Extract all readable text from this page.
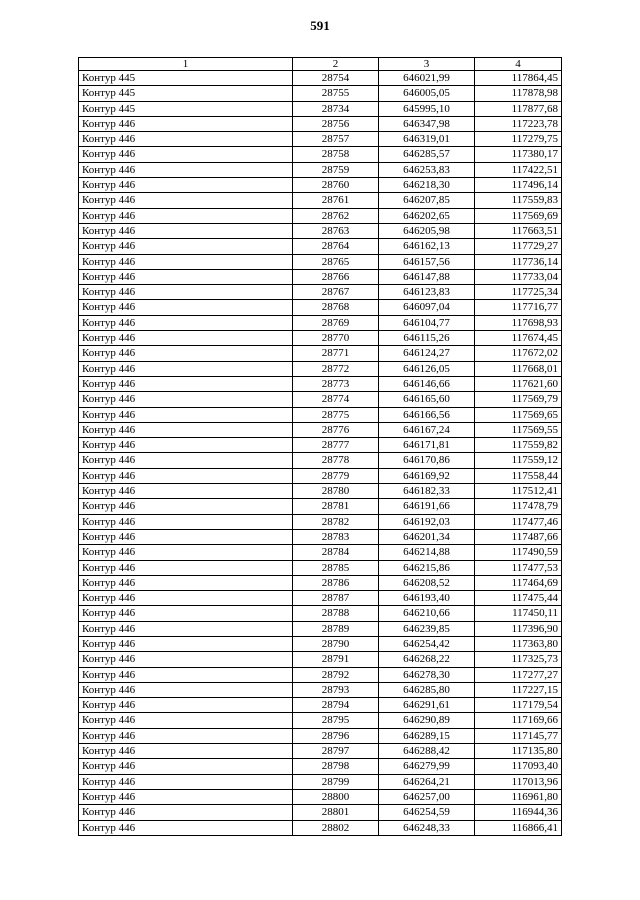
591
1	2	3	4
Контур 445	28754	646021,99	117864,45
Контур 445	28755	646005,05	117878,98
Контур 445	28734	645995,10	117877,68
Контур 446	28756	646347,98	117223,78
Контур 446	28757	646319,01	117279,75
Контур 446	28758	646285,57	117380,17
Контур 446	28759	646253,83	117422,51
Контур 446	28760	646218,30	117496,14
Контур 446	28761	646207,85	117559,83
Контур 446	28762	646202,65	117569,69
Контур 446	28763	646205,98	117663,51
Контур 446	28764	646162,13	117729,27
Контур 446	28765	646157,56	117736,14
Контур 446	28766	646147,88	117733,04
Контур 446	28767	646123,83	117725,34
Контур 446	28768	646097,04	117716,77
Контур 446	28769	646104,77	117698,93
Контур 446	28770	646115,26	117674,45
Контур 446	28771	646124,27	117672,02
Контур 446	28772	646126,05	117668,01
Контур 446	28773	646146,66	117621,60
Контур 446	28774	646165,60	117569,79
Контур 446	28775	646166,56	117569,65
Контур 446	28776	646167,24	117569,55
Контур 446	28777	646171,81	117559,82
Контур 446	28778	646170,86	117559,12
Контур 446	28779	646169,92	117558,44
Контур 446	28780	646182,33	117512,41
Контур 446	28781	646191,66	117478,79
Контур 446	28782	646192,03	117477,46
Контур 446	28783	646201,34	117487,66
Контур 446	28784	646214,88	117490,59
Контур 446	28785	646215,86	117477,53
Контур 446	28786	646208,52	117464,69
Контур 446	28787	646193,40	117475,44
Контур 446	28788	646210,66	117450,11
Контур 446	28789	646239,85	117396,90
Контур 446	28790	646254,42	117363,80
Контур 446	28791	646268,22	117325,73
Контур 446	28792	646278,30	117277,27
Контур 446	28793	646285,80	117227,15
Контур 446	28794	646291,61	117179,54
Контур 446	28795	646290,89	117169,66
Контур 446	28796	646289,15	117145,77
Контур 446	28797	646288,42	117135,80
Контур 446	28798	646279,99	117093,40
Контур 446	28799	646264,21	117013,96
Контур 446	28800	646257,00	116961,80
Контур 446	28801	646254,59	116944,36
Контур 446	28802	646248,33	116866,41
